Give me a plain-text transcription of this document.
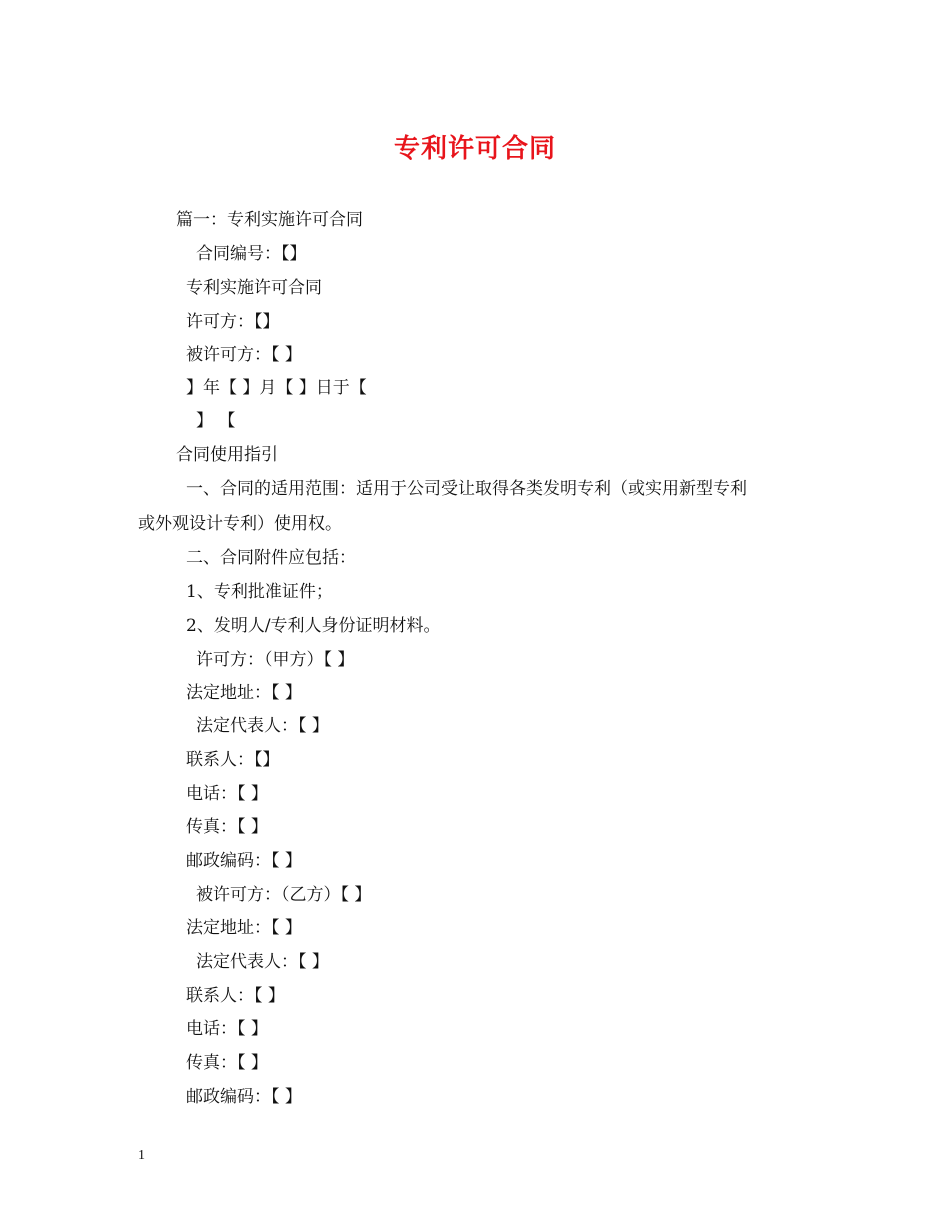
专利许可合同
篇一：专利实施许可合同
合同编号：【】
专利实施许可合同
许可方：【】
被许可方：【 】
】年【 】月【 】日于【
】 【
合同使用指引
一、合同的适用范围：适用于公司受让取得各类发明专利（或实用新型专利
或外观设计专利）使用权。
二、合同附件应包括：
1、专利批准证件；
2、发明人/专利人身份证明材料。
许可方：（甲方）【 】
法定地址：【 】
法定代表人：【 】
联系人：【】
电话：【 】
传真：【 】
邮政编码：【 】
被许可方：（乙方）【 】
法定地址：【 】
法定代表人：【 】
联系人：【 】
电话：【 】
传真：【 】
邮政编码：【 】
1
